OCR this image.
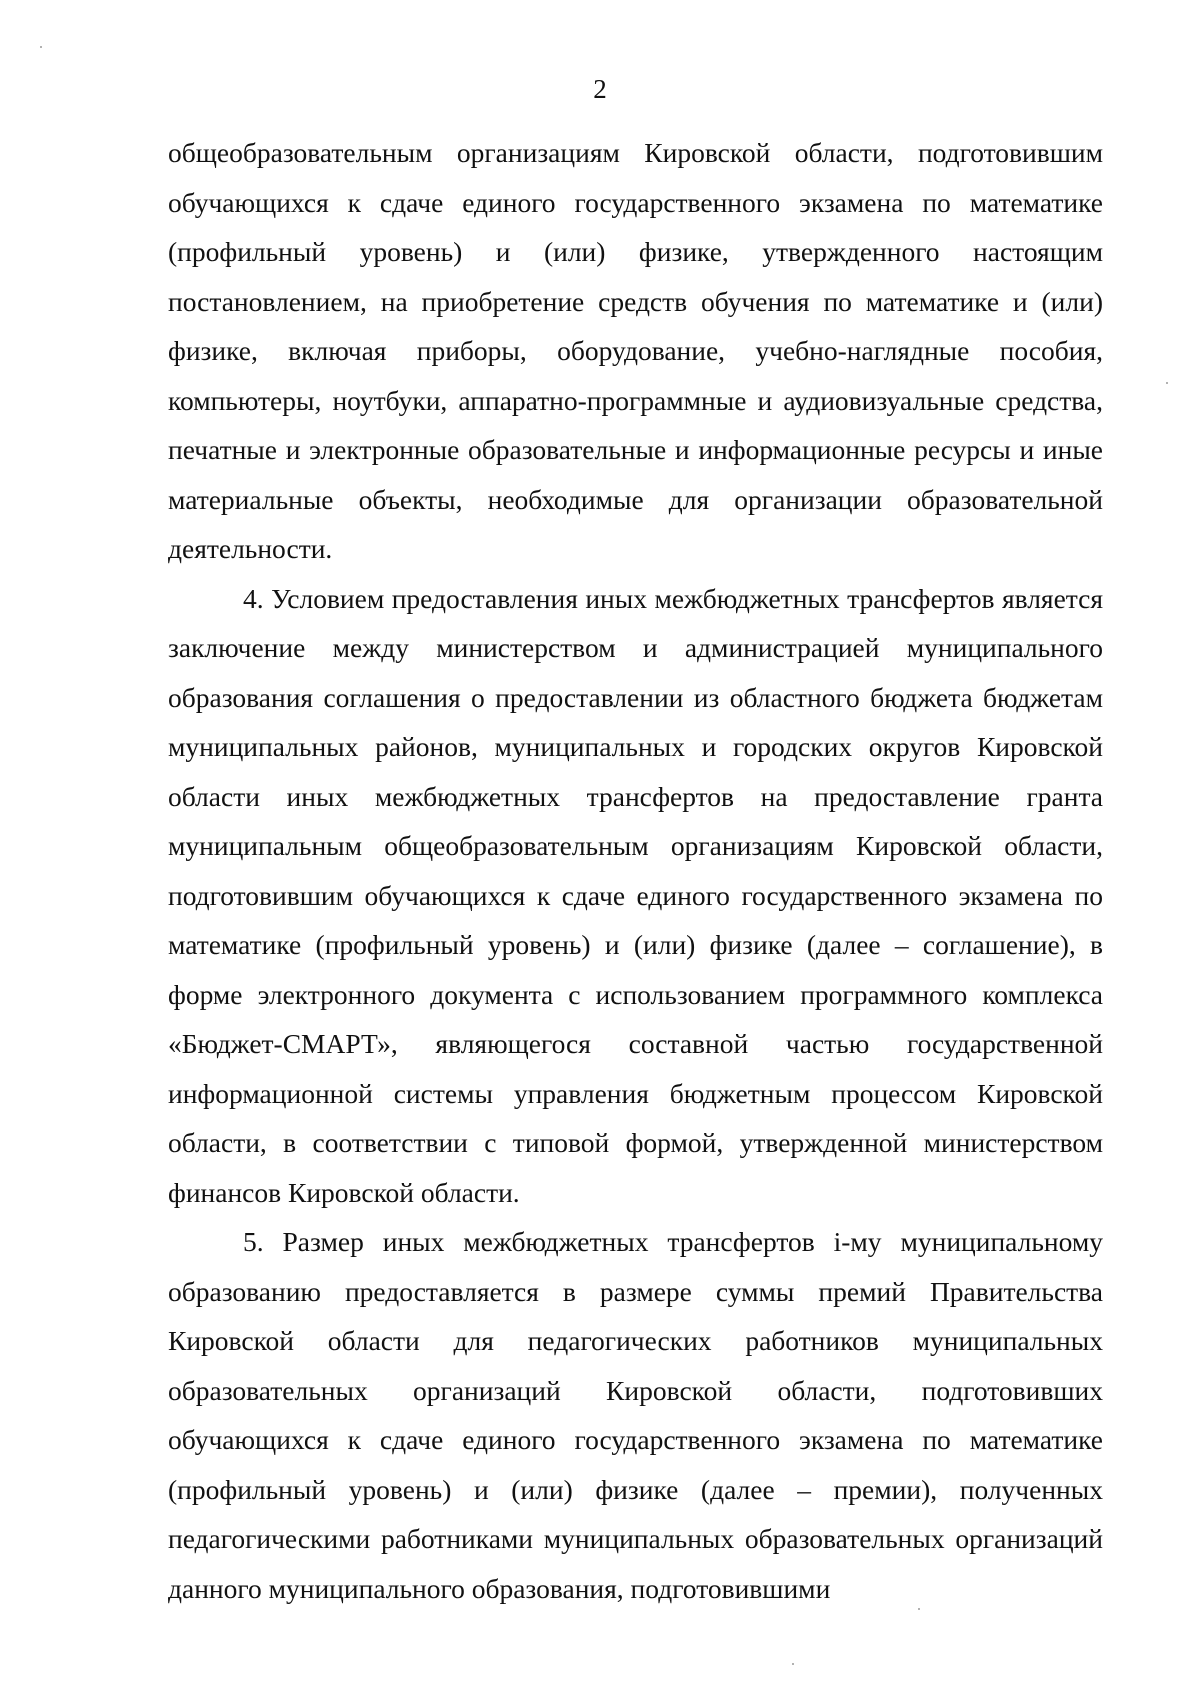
2

общеобразовательным организациям Кировской области, подготовившим обучающихся к сдаче единого государственного экзамена по математике (профильный уровень) и (или) физике, утвержденного настоящим постановлением, на приобретение средств обучения по математике и (или) физике, включая приборы, оборудование, учебно-наглядные пособия, компьютеры, ноутбуки, аппаратно-программные и аудиовизуальные средства, печатные и электронные образовательные и информационные ресурсы и иные материальные объекты, необходимые для организации образовательной деятельности.

4. Условием предоставления иных межбюджетных трансфертов является заключение между министерством и администрацией муниципального образования соглашения о предоставлении из областного бюджета бюджетам муниципальных районов, муниципальных и городских округов Кировской области иных межбюджетных трансфертов на предоставление гранта муниципальным общеобразовательным организациям Кировской области, подготовившим обучающихся к сдаче единого государственного экзамена по математике (профильный уровень) и (или) физике (далее – соглашение), в форме электронного документа с использованием программного комплекса «Бюджет-СМАРТ», являющегося составной частью государственной информационной системы управления бюджетным процессом Кировской области, в соответствии с типовой формой, утвержденной министерством финансов Кировской области.

5. Размер иных межбюджетных трансфертов i-му муниципальному образованию предоставляется в размере суммы премий Правительства Кировской области для педагогических работников муниципальных образовательных организаций Кировской области, подготовивших обучающихся к сдаче единого государственного экзамена по математике (профильный уровень) и (или) физике (далее – премии), полученных педагогическими работниками муниципальных образовательных организаций данного муниципального образования, подготовившими
